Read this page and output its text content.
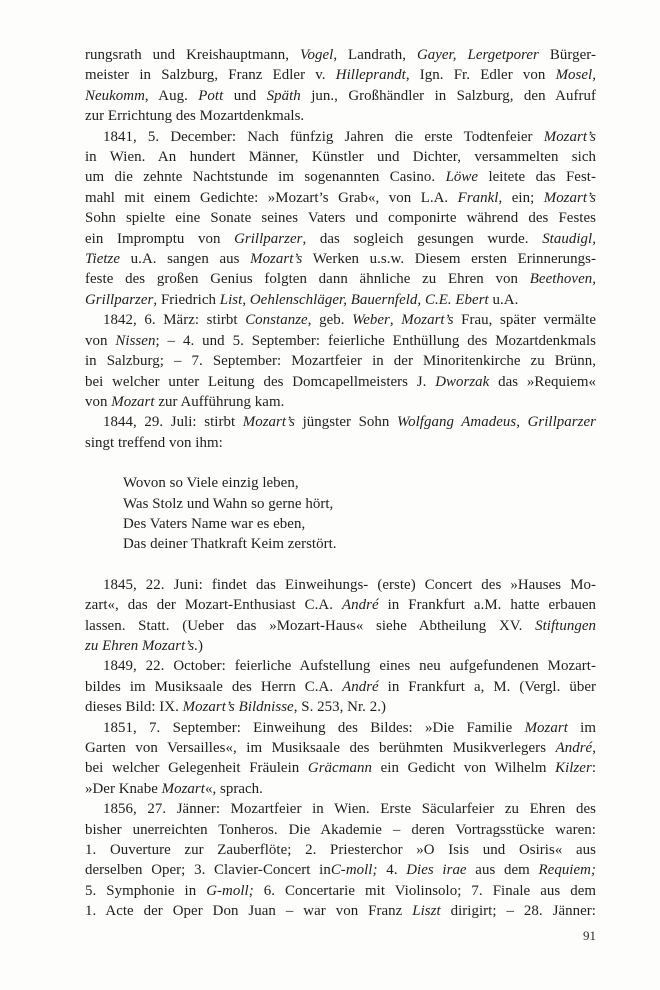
rungsrath und Kreishauptmann, Vogel, Landrath, Gayer, Lergetporer Bürger-
meister in Salzburg, Franz Edler v. Hilleprandt, Ign. Fr. Edler von Mosel,
Neukomm, Aug. Pott und Späth jun., Großhändler in Salzburg, den Aufruf
zur Errichtung des Mozartdenkmals.
1841, 5. December: Nach fünfzig Jahren die erste Todtenfeier Mozart’s
in Wien. An hundert Männer, Künstler und Dichter, versammelten sich
um die zehnte Nachtstunde im sogenannten Casino. Löwe leitete das Fest-
mahl mit einem Gedichte: »Mozart’s Grab«, von L.A. Frankl, ein; Mozart’s
Sohn spielte eine Sonate seines Vaters und componirte während des Festes
ein Impromptu von Grillparzer, das sogleich gesungen wurde. Staudigl,
Tietze u.A. sangen aus Mozart’s Werken u.s.w. Diesem ersten Erinnerungs-
feste des großen Genius folgten dann ähnliche zu Ehren von Beethoven,
Grillparzer, Friedrich List, Oehlenschläger, Bauernfeld, C.E. Ebert u.A.
1842, 6. März: stirbt Constanze, geb. Weber, Mozart’s Frau, später vermälte
von Nissen; – 4. und 5. September: feierliche Enthüllung des Mozartdenkmals
in Salzburg; – 7. September: Mozartfeier in der Minoritenkirche zu Brünn,
bei welcher unter Leitung des Domcapellmeisters J. Dworzak das »Requiem«
von Mozart zur Aufführung kam.
1844, 29. Juli: stirbt Mozart’s jüngster Sohn Wolfgang Amadeus, Grillparzer
singt treffend von ihm:
Wovon so Viele einzig leben,
Was Stolz und Wahn so gerne hört,
Des Vaters Name war es eben,
Das deiner Thatkraft Keim zerstört.
1845, 22. Juni: findet das Einweihungs- (erste) Concert des »Hauses Mo-
zart«, das der Mozart-Enthusiast C.A. André in Frankfurt a.M. hatte erbauen
lassen. Statt. (Ueber das »Mozart-Haus« siehe Abtheilung XV. Stiftungen
zu Ehren Mozart’s.)
1849, 22. October: feierliche Aufstellung eines neu aufgefundenen Mozart-
bildes im Musiksaale des Herrn C.A. André in Frankfurt a, M. (Vergl. über
dieses Bild: IX. Mozart’s Bildnisse, S. 253, Nr. 2.)
1851, 7. September: Einweihung des Bildes: »Die Familie Mozart im
Garten von Versailles«, im Musiksaale des berühmten Musikverlegers André,
bei welcher Gelegenheit Fräulein Gräcmann ein Gedicht von Wilhelm Kilzer:
»Der Knabe Mozart«, sprach.
1856, 27. Jänner: Mozartfeier in Wien. Erste Säcularfeier zu Ehren des
bisher unerreichten Tonheros. Die Akademie – deren Vortragsstücke waren:
1. Ouverture zur Zauberflöte; 2. Priesterchor »O Isis und Osiris« aus
derselben Oper; 3. Clavier-Concert inC-moll; 4. Dies irae aus dem Requiem;
5. Symphonie in G-moll; 6. Concertarie mit Violinsolo; 7. Finale aus dem
1. Acte der Oper Don Juan – war von Franz Liszt dirigirt; – 28. Jänner:
91
